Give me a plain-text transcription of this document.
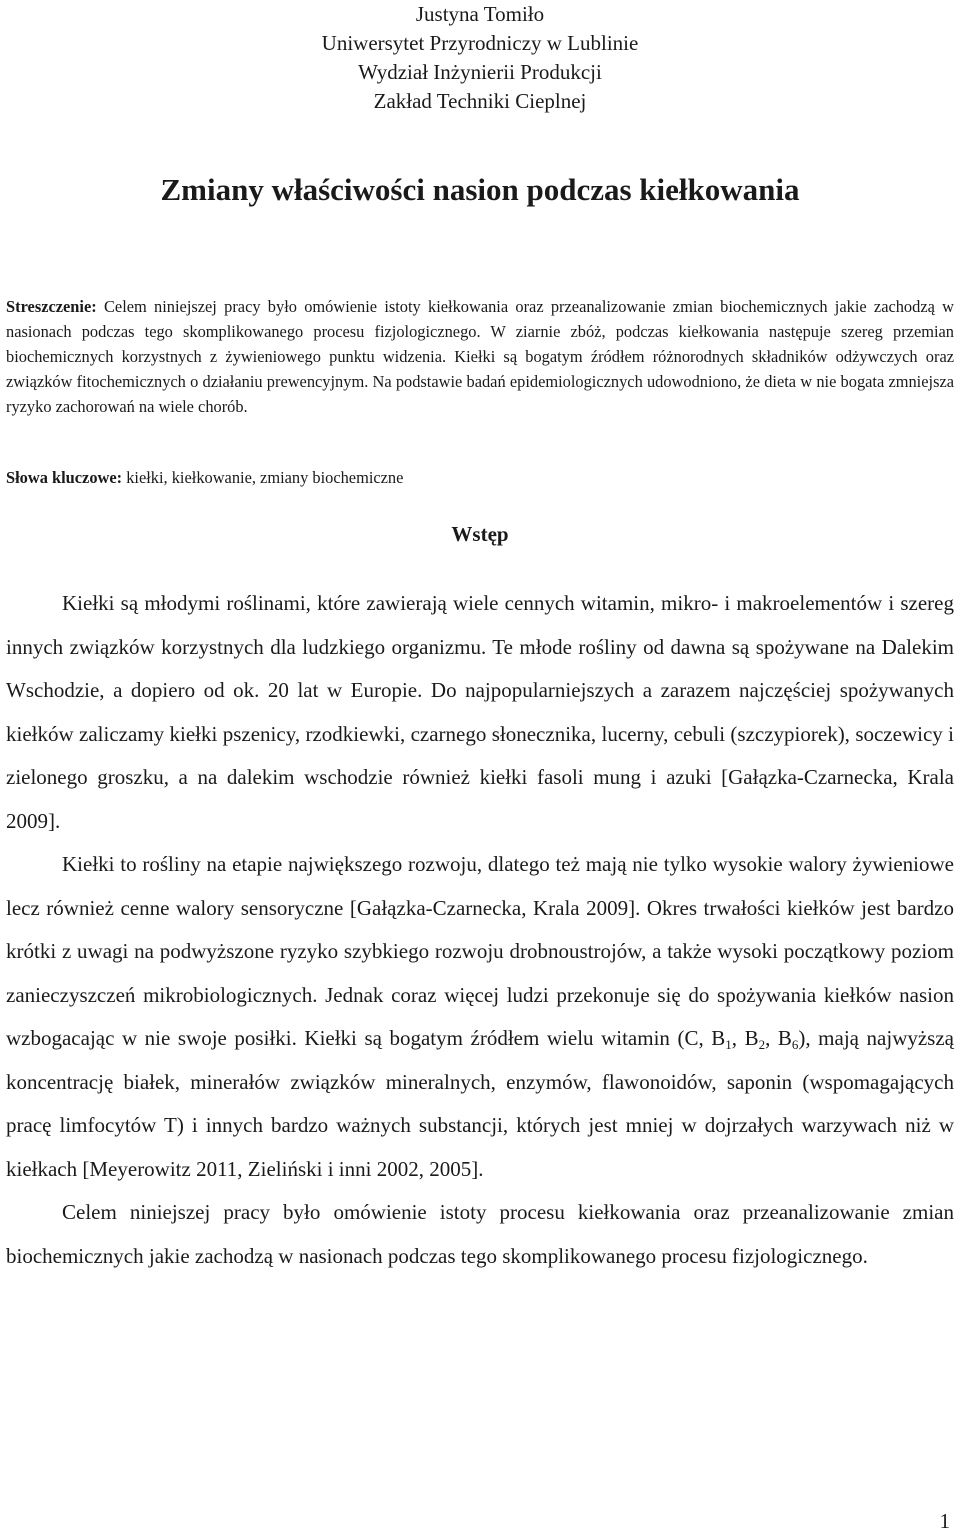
Justyna Tomiło
Uniwersytet Przyrodniczy w Lublinie
Wydział Inżynierii Produkcji
Zakład Techniki Cieplnej
Zmiany właściwości nasion podczas kiełkowania
Streszczenie: Celem niniejszej pracy było omówienie istoty kiełkowania oraz przeanalizowanie zmian biochemicznych jakie zachodzą w nasionach podczas tego skomplikowanego procesu fizjologicznego. W ziarnie zbóż, podczas kiełkowania następuje szereg przemian biochemicznych korzystnych z żywieniowego punktu widzenia. Kiełki są bogatym źródłem różnorodnych składników odżywczych oraz związków fitochemicznych o działaniu prewencyjnym. Na podstawie badań epidemiologicznych udowodniono, że dieta w nie bogata zmniejsza ryzyko zachorowań na wiele chorób.
Słowa kluczowe: kiełki, kiełkowanie, zmiany biochemiczne
Wstęp

Kiełki są młodymi roślinami, które zawierają wiele cennych witamin, mikro- i makroelementów i szereg innych związków korzystnych dla ludzkiego organizmu. Te młode rośliny od dawna są spożywane na Dalekim Wschodzie, a dopiero od ok. 20 lat w Europie. Do najpopularniejszych a zarazem najczęściej spożywanych kiełków zaliczamy kiełki pszenicy, rzodkiewki, czarnego słonecznika, lucerny, cebuli (szczypiorek), soczewicy i zielonego groszku, a na dalekim wschodzie również kiełki fasoli mung i azuki [Gałązka-Czarnecka, Krala 2009].

Kiełki to rośliny na etapie największego rozwoju, dlatego też mają nie tylko wysokie walory żywieniowe lecz również cenne walory sensoryczne [Gałązka-Czarnecka, Krala 2009]. Okres trwałości kiełków jest bardzo krótki z uwagi na podwyższone ryzyko szybkiego rozwoju drobnoustrojów, a także wysoki początkowy poziom zanieczyszczeń mikrobiologicznych. Jednak coraz więcej ludzi przekonuje się do spożywania kiełków nasion wzbogacając w nie swoje posiłki. Kiełki są bogatym źródłem wielu witamin (C, $B_1$, $B_2$, $B_6$), mają najwyższą koncentrację białek, minerałów związków mineralnych, enzymów, flawonoidów, saponin (wspomagających pracę limfocytów T) i innych bardzo ważnych substancji, których jest mniej w dojrzałych warzywach niż w kiełkach [Meyerowitz 2011, Zieliński i inni 2002, 2005].

Celem niniejszej pracy było omówienie istoty procesu kiełkowania oraz przeanalizowanie zmian biochemicznych jakie zachodzą w nasionach podczas tego skomplikowanego procesu fizjologicznego.

1
